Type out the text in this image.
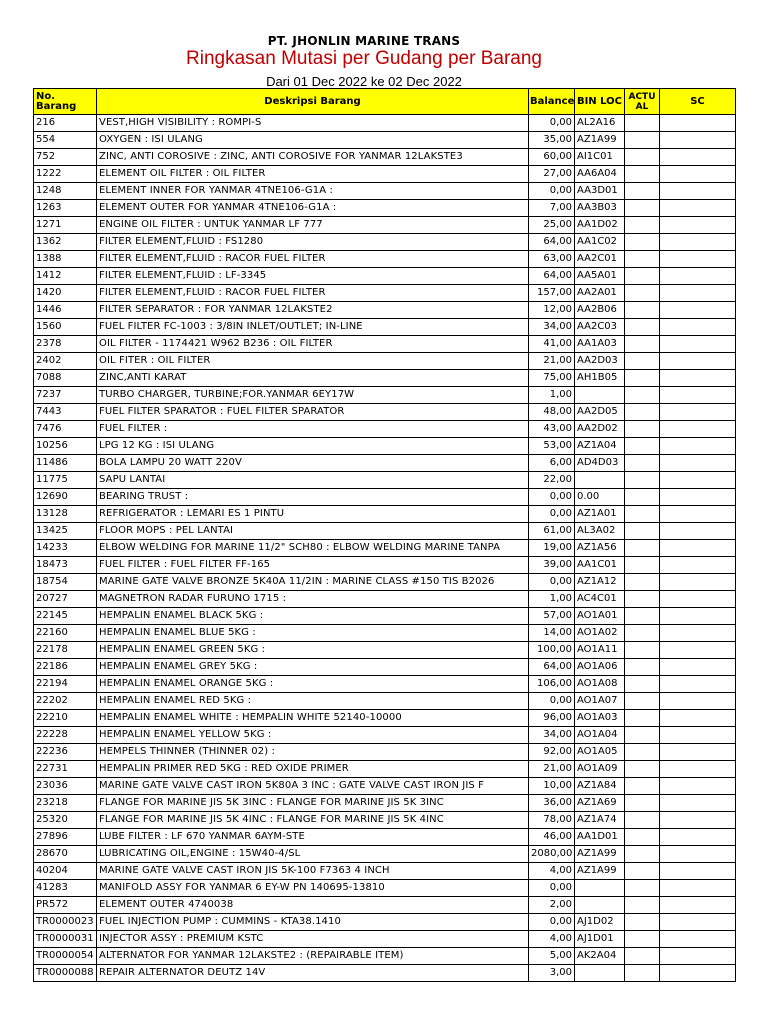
PT. JHONLIN MARINE TRANS
Ringkasan Mutasi per Gudang per Barang
Dari 01 Dec 2022 ke 02 Dec 2022
No. Barang	Deskripsi Barang	Balance	BIN LOC	ACTUAL	SC
216	VEST,HIGH VISIBILITY : ROMPI-S	0,00	AL2A16		
554	OXYGEN : ISI ULANG	35,00	AZ1A99		
752	ZINC, ANTI COROSIVE : ZINC, ANTI COROSIVE FOR YANMAR 12LAKSTE3	60,00	AI1C01		
1222	ELEMENT OIL FILTER : OIL FILTER	27,00	AA6A04		
1248	ELEMENT INNER FOR YANMAR 4TNE106-G1A :	0,00	AA3D01		
1263	ELEMENT OUTER FOR YANMAR 4TNE106-G1A :	7,00	AA3B03		
1271	ENGINE OIL FILTER : UNTUK YANMAR LF 777	25,00	AA1D02		
1362	FILTER ELEMENT,FLUID : FS1280	64,00	AA1C02		
1388	FILTER ELEMENT,FLUID : RACOR FUEL FILTER	63,00	AA2C01		
1412	FILTER ELEMENT,FLUID : LF-3345	64,00	AA5A01		
1420	FILTER ELEMENT,FLUID : RACOR FUEL FILTER	157,00	AA2A01		
1446	FILTER SEPARATOR : FOR YANMAR 12LAKSTE2	12,00	AA2B06		
1560	FUEL FILTER FC-1003 : 3/8IN INLET/OUTLET; IN-LINE	34,00	AA2C03		
2378	OIL FILTER - 1174421 W962 B236 : OIL FILTER	41,00	AA1A03		
2402	OIL FITER : OIL FILTER	21,00	AA2D03		
7088	ZINC,ANTI KARAT	75,00	AH1B05		
7237	TURBO CHARGER, TURBINE;FOR.YANMAR 6EY17W	1,00			
7443	FUEL FILTER SPARATOR : FUEL FILTER SPARATOR	48,00	AA2D05		
7476	FUEL FILTER :	43,00	AA2D02		
10256	LPG 12 KG : ISI ULANG	53,00	AZ1A04		
11486	BOLA LAMPU 20 WATT 220V	6,00	AD4D03		
11775	SAPU LANTAI	22,00			
12690	BEARING TRUST :	0,00	0.00		
13128	REFRIGERATOR : LEMARI ES 1 PINTU	0,00	AZ1A01		
13425	FLOOR MOPS : PEL LANTAI	61,00	AL3A02		
14233	ELBOW WELDING FOR MARINE 11/2" SCH80 : ELBOW WELDING MARINE TANPA	19,00	AZ1A56		
18473	FUEL FILTER : FUEL FILTER FF-165	39,00	AA1C01		
18754	MARINE GATE VALVE BRONZE 5K40A 11/2IN : MARINE CLASS #150 TIS B2026	0,00	AZ1A12		
20727	MAGNETRON RADAR FURUNO 1715 :	1,00	AC4C01		
22145	HEMPALIN ENAMEL BLACK 5KG :	57,00	AO1A01		
22160	HEMPALIN ENAMEL BLUE 5KG :	14,00	AO1A02		
22178	HEMPALIN ENAMEL GREEN 5KG :	100,00	AO1A11		
22186	HEMPALIN ENAMEL GREY 5KG :	64,00	AO1A06		
22194	HEMPALIN ENAMEL ORANGE 5KG :	106,00	AO1A08		
22202	HEMPALIN ENAMEL RED 5KG :	0,00	AO1A07		
22210	HEMPALIN ENAMEL WHITE : HEMPALIN WHITE 52140-10000	96,00	AO1A03		
22228	HEMPALIN ENAMEL YELLOW 5KG :	34,00	AO1A04		
22236	HEMPELS THINNER (THINNER 02) :	92,00	AO1A05		
22731	HEMPALIN PRIMER RED 5KG : RED OXIDE PRIMER	21,00	AO1A09		
23036	MARINE GATE VALVE CAST IRON 5K80A 3 INC : GATE VALVE CAST IRON JIS F	10,00	AZ1A84		
23218	FLANGE FOR MARINE JIS 5K 3INC : FLANGE FOR MARINE JIS 5K 3INC	36,00	AZ1A69		
25320	FLANGE FOR MARINE JIS 5K 4INC : FLANGE FOR MARINE JIS 5K 4INC	78,00	AZ1A74		
27896	LUBE FILTER : LF 670 YANMAR 6AYM-STE	46,00	AA1D01		
28670	LUBRICATING OIL,ENGINE : 15W40-4/SL	2080,00	AZ1A99		
40204	MARINE GATE VALVE CAST IRON JIS 5K-100 F7363 4 INCH	4,00	AZ1A99		
41283	MANIFOLD ASSY FOR YANMAR 6 EY-W PN 140695-13810	0,00			
PR572	ELEMENT OUTER 4740038	2,00			
TR0000023	FUEL INJECTION PUMP : CUMMINS - KTA38.1410	0,00	AJ1D02		
TR0000031	INJECTOR ASSY : PREMIUM KSTC	4,00	AJ1D01		
TR0000054	ALTERNATOR FOR YANMAR 12LAKSTE2 : (REPAIRABLE ITEM)	5,00	AK2A04		
TR0000088	REPAIR ALTERNATOR DEUTZ 14V	3,00			
